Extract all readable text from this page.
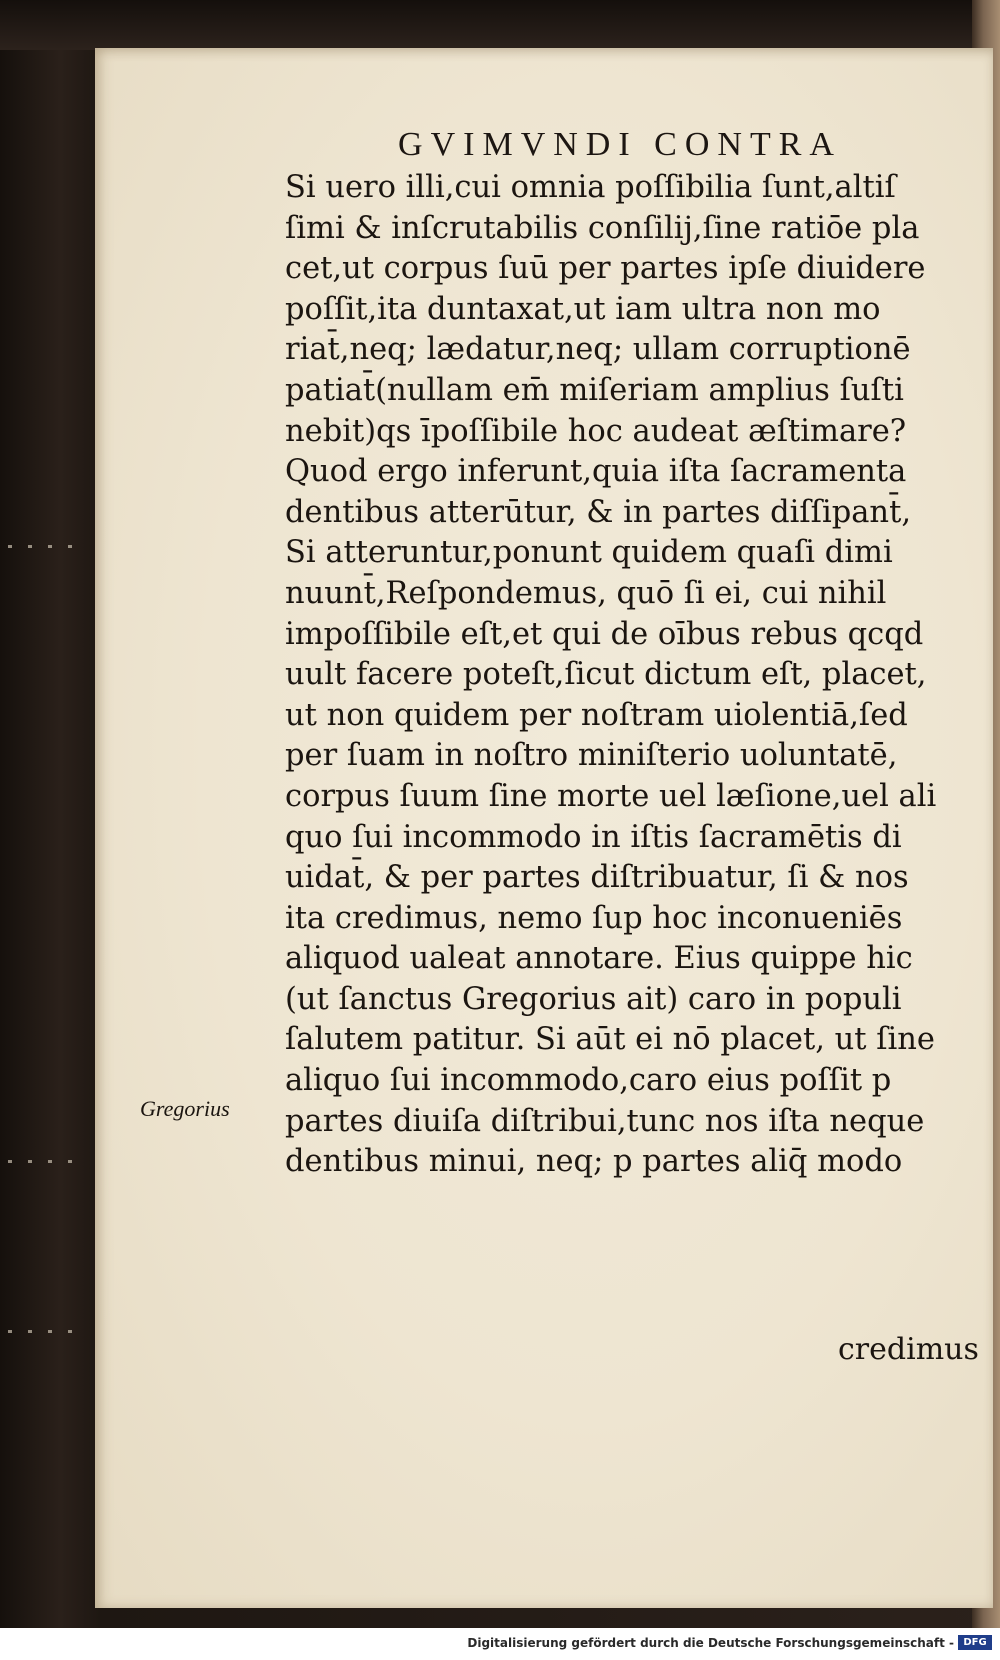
GVIMVNDI CONTRA
Si uero illi,cui omnia poſſibilia ſunt,altiſ
ſimi & inſcrutabilis conſilij,ſine ratiōe pla
cet,ut corpus ſuū per partes ipſe diuidere
poſſit,ita duntaxat,ut iam ultra non mo
riat̄,neq; lædatur,neq; ullam corruptionē
patiat̄(nullam em̄ miſeriam amplius ſuſti
nebit)qs īpoſſibile hoc audeat æſtimare?
Quod ergo inferunt,quia iſta ſacramenta
dentibus atterūtur, & in partes diſſipant̄,
Si atteruntur,ponunt quidem quaſi dimi
nuunt̄,Reſpondemus, quō ſi ei, cui nihil
impoſſibile eſt,et qui de oībus rebus qcqd
uult facere poteſt,ſicut dictum eſt, placet,
ut non quidem per noſtram uiolentiā,ſed
per ſuam in noſtro miniſterio uoluntatē,
corpus ſuum ſine morte uel læſione,uel ali
quo ſui incommodo in iſtis ſacramētis di
uidat̄, & per partes diſtribuatur, ſi & nos
ita credimus, nemo ſup hoc inconueniēs
aliquod ualeat annotare. Eius quippe hic
(ut ſanctus Gregorius ait) caro in populi
ſalutem patitur. Si aūt ei nō placet, ut ſine
aliquo ſui incommodo,caro eius poſſit p
partes diuiſa diſtribui,tunc nos iſta neque
dentibus minui, neq; p partes aliq̄ modo
Gregorius
credimus
Digitalisierung gefördert durch die Deutsche Forschungsgemeinschaft - DFG
